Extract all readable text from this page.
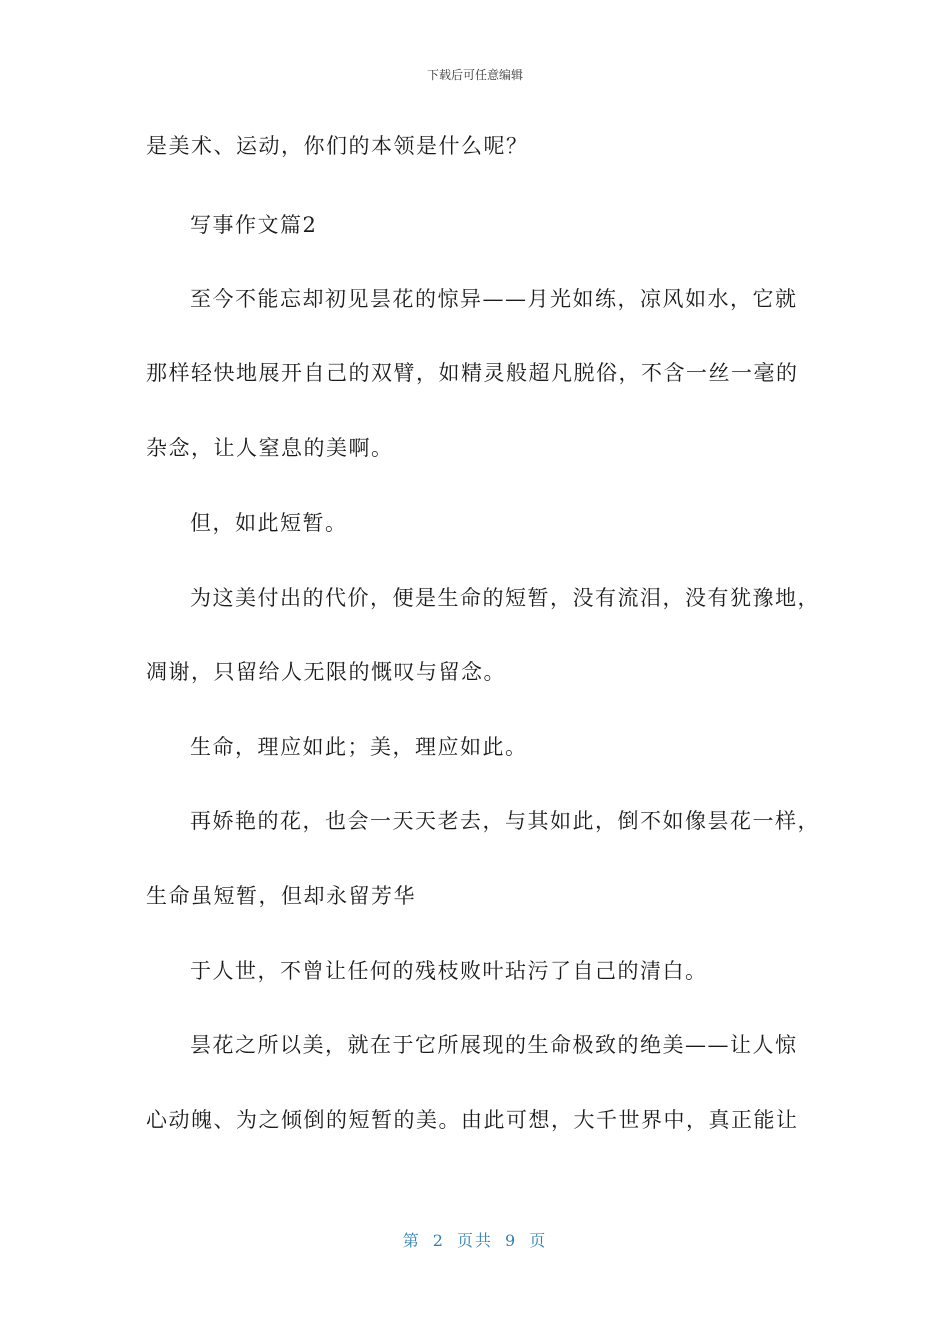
下载后可任意编辑
是美术、运动，你们的本领是什么呢？
写事作文篇2
至今不能忘却初见昙花的惊异——月光如练，凉风如水，它就
那样轻快地展开自己的双臂，如精灵般超凡脱俗，不含一丝一毫的
杂念，让人窒息的美啊。
但，如此短暂。
为这美付出的代价，便是生命的短暂，没有流泪，没有犹豫地，
凋谢，只留给人无限的慨叹与留念。
生命，理应如此；美，理应如此。
再娇艳的花，也会一天天老去，与其如此，倒不如像昙花一样，
生命虽短暂，但却永留芳华
于人世，不曾让任何的残枝败叶玷污了自己的清白。
昙花之所以美，就在于它所展现的生命极致的绝美——让人惊
心动魄、为之倾倒的短暂的美。由此可想，大千世界中，真正能让
第 2 页共 9 页
